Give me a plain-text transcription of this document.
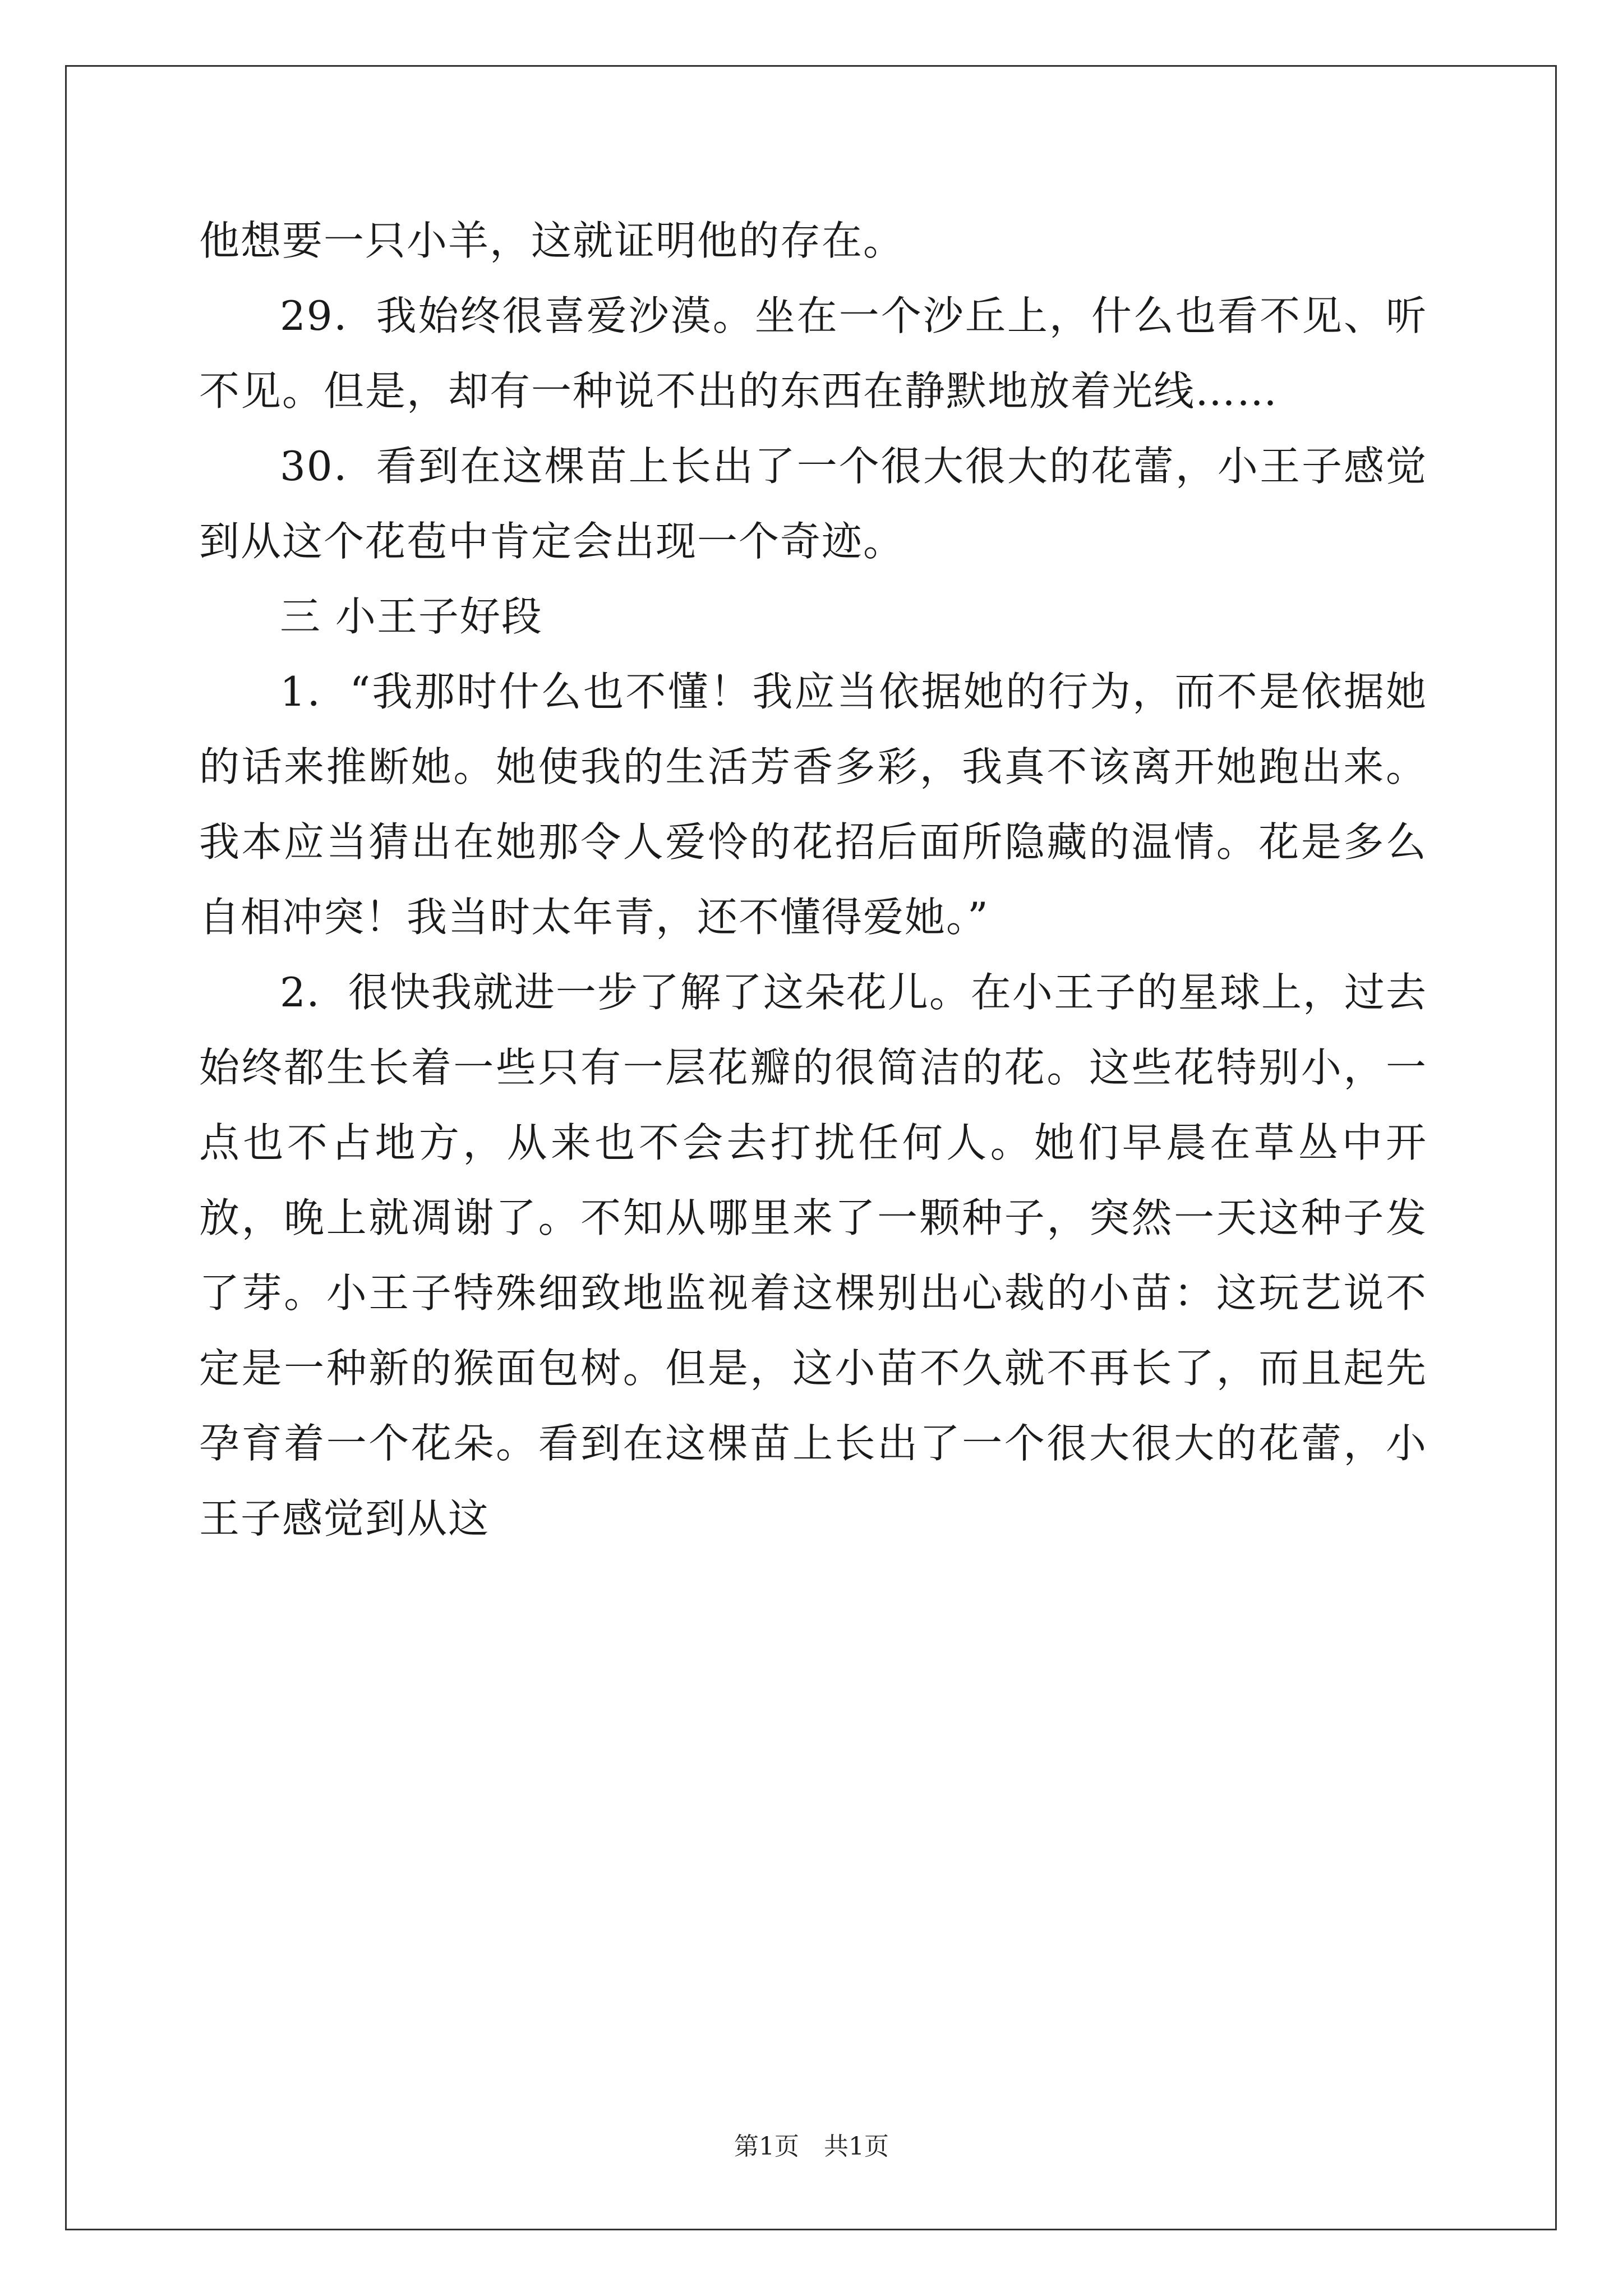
他想要一只小羊，这就证明他的存在。

29．我始终很喜爱沙漠。坐在一个沙丘上，什么也看不见、听不见。但是，却有一种说不出的东西在静默地放着光线……

30．看到在这棵苗上长出了一个很大很大的花蕾，小王子感觉到从这个花苞中肯定会出现一个奇迹。

三 小王子好段

1．“我那时什么也不懂！我应当依据她的行为，而不是依据她的话来推断她。她使我的生活芳香多彩，我真不该离开她跑出来。我本应当猜出在她那令人爱怜的花招后面所隐藏的温情。花是多么自相冲突！我当时太年青，还不懂得爱她。”

2．很快我就进一步了解了这朵花儿。在小王子的星球上，过去始终都生长着一些只有一层花瓣的很简洁的花。这些花特别小，一点也不占地方，从来也不会去打扰任何人。她们早晨在草丛中开放，晚上就凋谢了。不知从哪里来了一颗种子，突然一天这种子发了芽。小王子特殊细致地监视着这棵别出心裁的小苗：这玩艺说不定是一种新的猴面包树。但是，这小苗不久就不再长了，而且起先孕育着一个花朵。看到在这棵苗上长出了一个很大很大的花蕾，小王子感觉到从这

第1页　共1页
